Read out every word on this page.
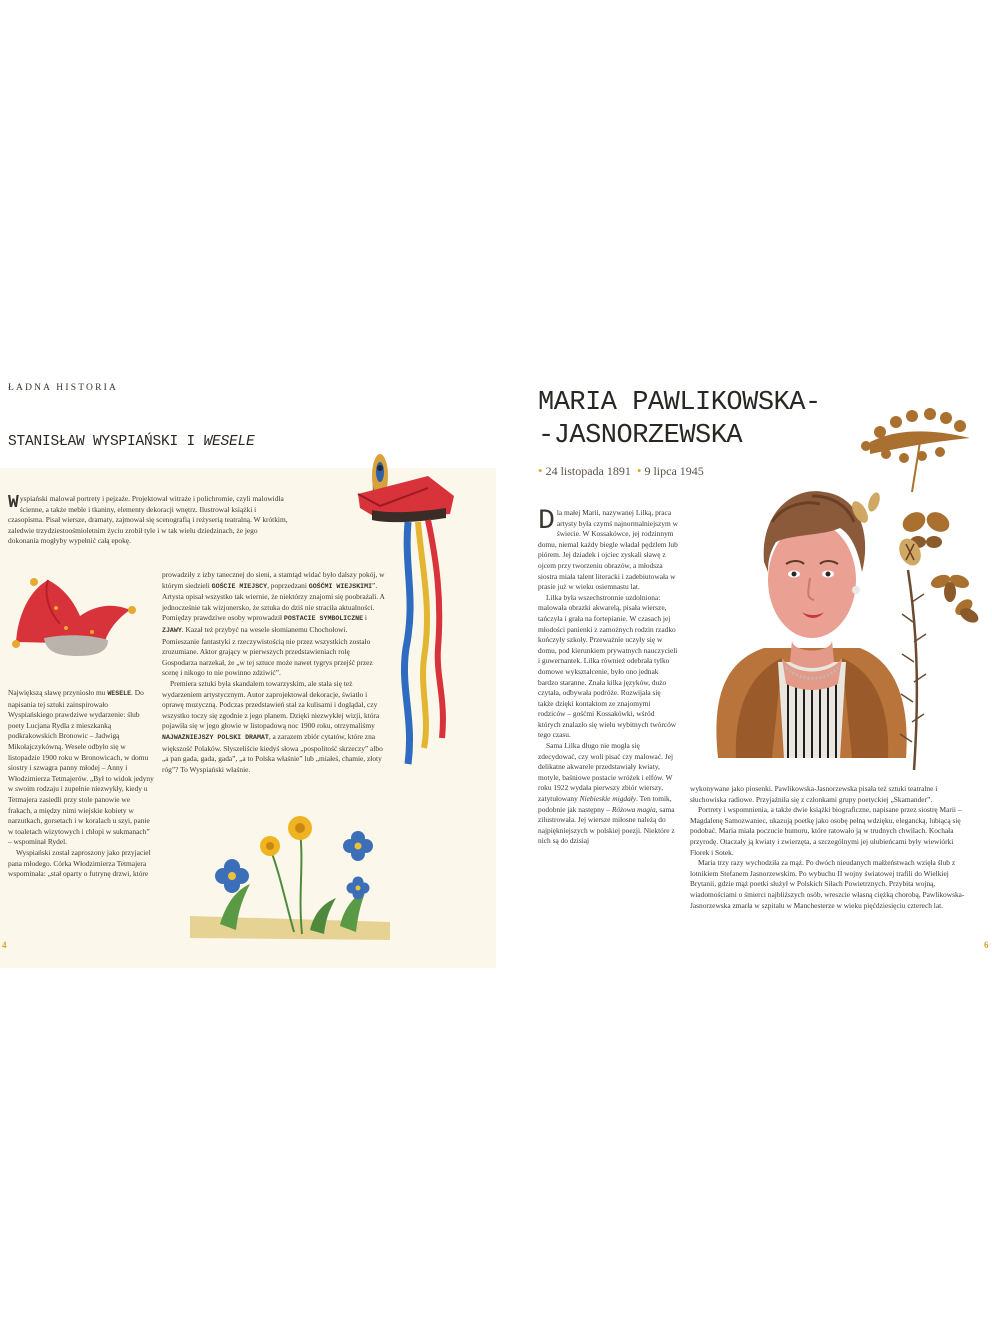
ŁADNA HISTORIA
STANISŁAW WYSPIAŃSKI I WESELE
Wyspiański malował portrety i pejzaże. Projektował witraże i polichromie, czyli malowidła ścienne, a także meble i tkaniny, elementy dekoracji wnętrz. Ilustrował książki i czasopisma. Pisał wiersze, dramaty, zajmował się scenografią i reżyserią teatralną. W krótkim, zaledwie trzydziestoośmioletnim życiu zrobił tyle i w tak wielu dziedzinach, że jego dokonania mogłyby wypełnić całą epokę.
Największą sławę przyniosło mu WESELE. Do napisania tej sztuki zainspirowało Wyspiańskiego prawdziwe wydarzenie: ślub poety Lucjana Rydla z mieszkanką podkrakowskich Bronowic – Jadwigą Mikołajczykówną. Wesele odbyło się w listopadzie 1900 roku w Bronowicach, w domu siostry i szwagra panny młodej – Anny i Włodzimierza Tetmajerów. „Był to widok jedyny w swoim rodzaju i zupełnie niezwykły, kiedy u Tetmajera zasiedli przy stole panowie we frakach, a między nimi wiejskie kobiety w narzutkach, gorsetach i w koralach u szyi, panie w toaletach wizytowych i chłopi w sukmanach” – wspominał Rydel.
Wyspiański został zaproszony jako przyjaciel pana młodego. Córka Włodzimierza Tetmajera wspominała: „stał oparty o futrynę drzwi, które
prowadziły z izby tanecznej do sieni, a stamtąd widać było dalszy pokój, w którym siedzieli GOŚCIE MIEJSCY, poprzedzani GOŚĆMI WIEJSKIMI”. Artysta opisał wszystko tak wiernie, że niektórzy znajomi się poobrażali. A jednocześnie tak wizjonersko, że sztuka do dziś nie straciła aktualności. Pomiędzy prawdziwe osoby wprowadził POSTACIE SYMBOLICZNE i ZJAWY. Kazał też przybyć na wesele słomianemu Chochołowi. Pomieszanie fantastyki z rzeczywistością nie przez wszystkich zostało zrozumiane. Aktor grający w pierwszych przedstawieniach rolę Gospodarza narzekał, że „w tej sztuce może nawet tygrys przejść przez scenę i nikogo to nie powinno zdziwić”.
Premiera sztuki była skandalem towarzyskim, ale stała się też wydarzeniem artystycznym. Autor zaprojektował dekoracje, światło i oprawę muzyczną. Podczas przedstawień stał za kulisami i doglądał, czy wszystko toczy się zgodnie z jego planem. Dzięki niezwykłej wizji, która pojawiła się w jego głowie w listopadową noc 1900 roku, otrzymaliśmy NAJWAŻNIEJSZY POLSKI DRAMAT, a zarazem zbiór cytatów, które zna większość Polaków. Słyszeliście kiedyś słowa „pospolitość skrzeczy” albo „a pan gada, gada, gada”, „a to Polska właśnie” lub „miałeś, chamie, złoty róg”? To Wyspiański właśnie.
4
MARIA PAWLIKOWSKA-
-JASNORZEWSKA
• 24 listopada 1891 • 9 lipca 1945
Dla małej Marii, nazywanej Lilką, praca artysty była czymś najnormalniejszym w świecie. W Kossakówce, jej rodzinnym domu, niemal każdy biegle władał pędzlem lub piórem. Jej dziadek i ojciec zyskali sławę z ojcem przy tworzeniu obrazów, a młodsza siostra miała talent literacki i zadebiutowała w prasie już w wieku osiemnastu lat.
Lilka była wszechstronnie uzdolniona: malowała obrazki akwarelą, pisała wiersze, tańczyła i grała na fortepianie. W czasach jej młodości panienki z zamożnych rodzin rzadko kończyły szkoły. Przeważnie uczyły się w domu, pod kierunkiem prywatnych nauczycieli i guwernantek. Lilka również odebrała tylko domowe wykształcenie, było ono jednak bardzo staranne. Znała kilka języków, dużo czytała, odbywała podróże. Rozwijała się także dzięki kontaktom ze znajomymi rodziców – gośćmi Kossakówki, wśród których znalazło się wielu wybitnych twórców tego czasu.
Sama Lilka długo nie mogła się zdecydować, czy woli pisać czy malować. Jej delikatne akwarele przedstawiały kwiaty, motyle, baśniowe postacie wróżek i elfów. W roku 1922 wydała pierwszy zbiór wierszy, zatytułowany Niebieskie migdały. Ten tomik, podobnie jak następny – Różowa magia, sama zilustrowała. Jej wiersze miłosne należą do najpiękniejszych w polskiej poezji. Niektóre z nich są do dzisiaj
wykonywane jako piosenki. Pawlikowska-Jasnorzewska pisała też sztuki teatralne i słuchowiska radiowe. Przyjaźniła się z członkami grupy poetyckiej „Skamander”.
Portrety i wspomnienia, a także dwie książki biograficzne, napisane przez siostrę Marii – Magdalenę Samozwaniec, ukazują poetkę jako osobę pełną wdzięku, elegancką, lubiącą się podobać. Maria miała poczucie humoru, które ratowało ją w trudnych chwilach. Kochała przyrodę. Otaczały ją kwiaty i zwierzęta, a szczególnymi jej ulubieńcami były wiewiórki Florek i Sotek.
Maria trzy razy wychodziła za mąż. Po dwóch nieudanych małżeństwach wzięła ślub z lotnikiem Stefanem Jasnorzewskim. Po wybuchu II wojny światowej trafili do Wielkiej Brytanii, gdzie mąż poetki służył w Polskich Siłach Powietrznych. Przybita wojną, wiadomościami o śmierci najbliższych osób, wreszcie własną ciężką chorobą, Pawlikowska-Jasnorzewska zmarła w szpitalu w Manchesterze w wieku pięćdziesięciu czterech lat.
6
